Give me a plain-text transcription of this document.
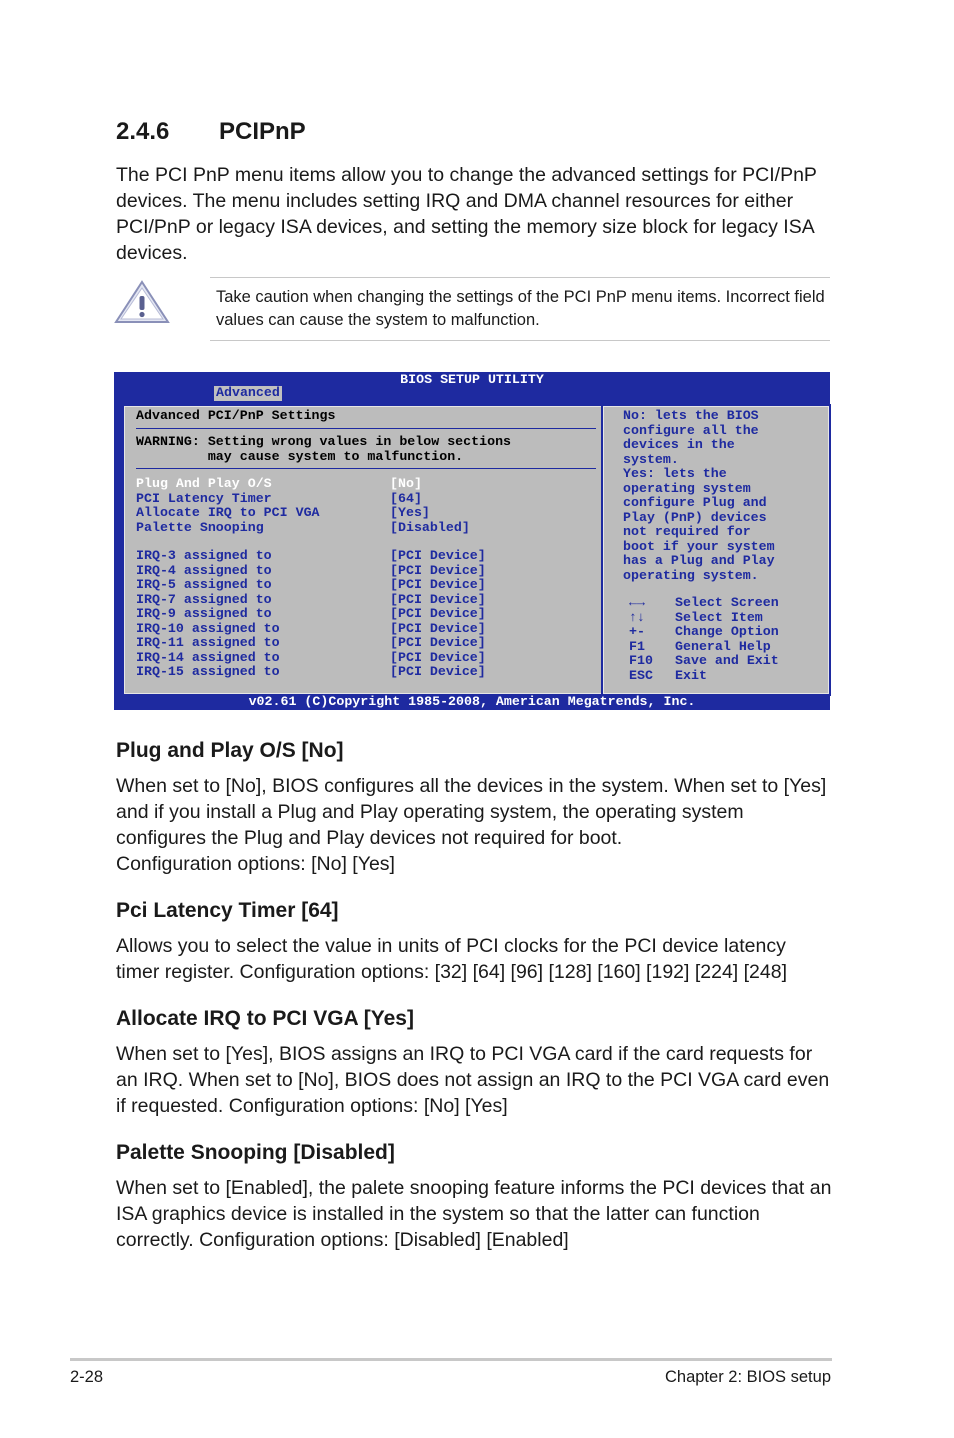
2.4.6 PCIPnP
The PCI PnP menu items allow you to change the advanced settings for PCI/PnP devices. The menu includes setting IRQ and DMA channel resources for either PCI/PnP or legacy ISA devices, and setting the memory size block for legacy ISA devices.
Take caution when changing the settings of the PCI PnP menu items. Incorrect field values can cause the system to malfunction.
BIOS SETUP UTILITY
Advanced
Advanced PCI/PnP Settings
WARNING: Setting wrong values in below sections
may cause system to malfunction.
Plug And Play O/S	[No]
PCI Latency Timer	[64]
Allocate IRQ to PCI VGA	[Yes]
Palette Snooping	[Disabled]
IRQ-3 assigned to	[PCI Device]
IRQ-4 assigned to	[PCI Device]
IRQ-5 assigned to	[PCI Device]
IRQ-7 assigned to	[PCI Device]
IRQ-9 assigned to	[PCI Device]
IRQ-10 assigned to	[PCI Device]
IRQ-11 assigned to	[PCI Device]
IRQ-14 assigned to	[PCI Device]
IRQ-15 assigned to	[PCI Device]
No: lets the BIOS
configure all the
devices in the
system.
Yes: lets the
operating system
configure Plug and
Play (PnP) devices
not required for
boot if your system
has a Plug and Play
operating system.
←→ Select Screen
↑↓ Select Item
+- Change Option
F1 General Help
F10 Save and Exit
ESC Exit
v02.61 (C)Copyright 1985-2008, American Megatrends, Inc.
Plug and Play O/S [No]
When set to [No], BIOS configures all the devices in the system. When set to [Yes] and if you install a Plug and Play operating system, the operating system configures the Plug and Play devices not required for boot.
Configuration options: [No] [Yes]
Pci Latency Timer [64]
Allows you to select the value in units of PCI clocks for the PCI device latency timer register. Configuration options: [32] [64] [96] [128] [160] [192] [224] [248]
Allocate IRQ to PCI VGA [Yes]
When set to [Yes], BIOS assigns an IRQ to PCI VGA card if the card requests for an IRQ. When set to [No], BIOS does not assign an IRQ to the PCI VGA card even if requested. Configuration options: [No] [Yes]
Palette Snooping [Disabled]
When set to [Enabled], the palete snooping feature informs the PCI devices that an ISA graphics device is installed in the system so that the latter can function correctly. Configuration options: [Disabled] [Enabled]
2-28	Chapter 2: BIOS setup
